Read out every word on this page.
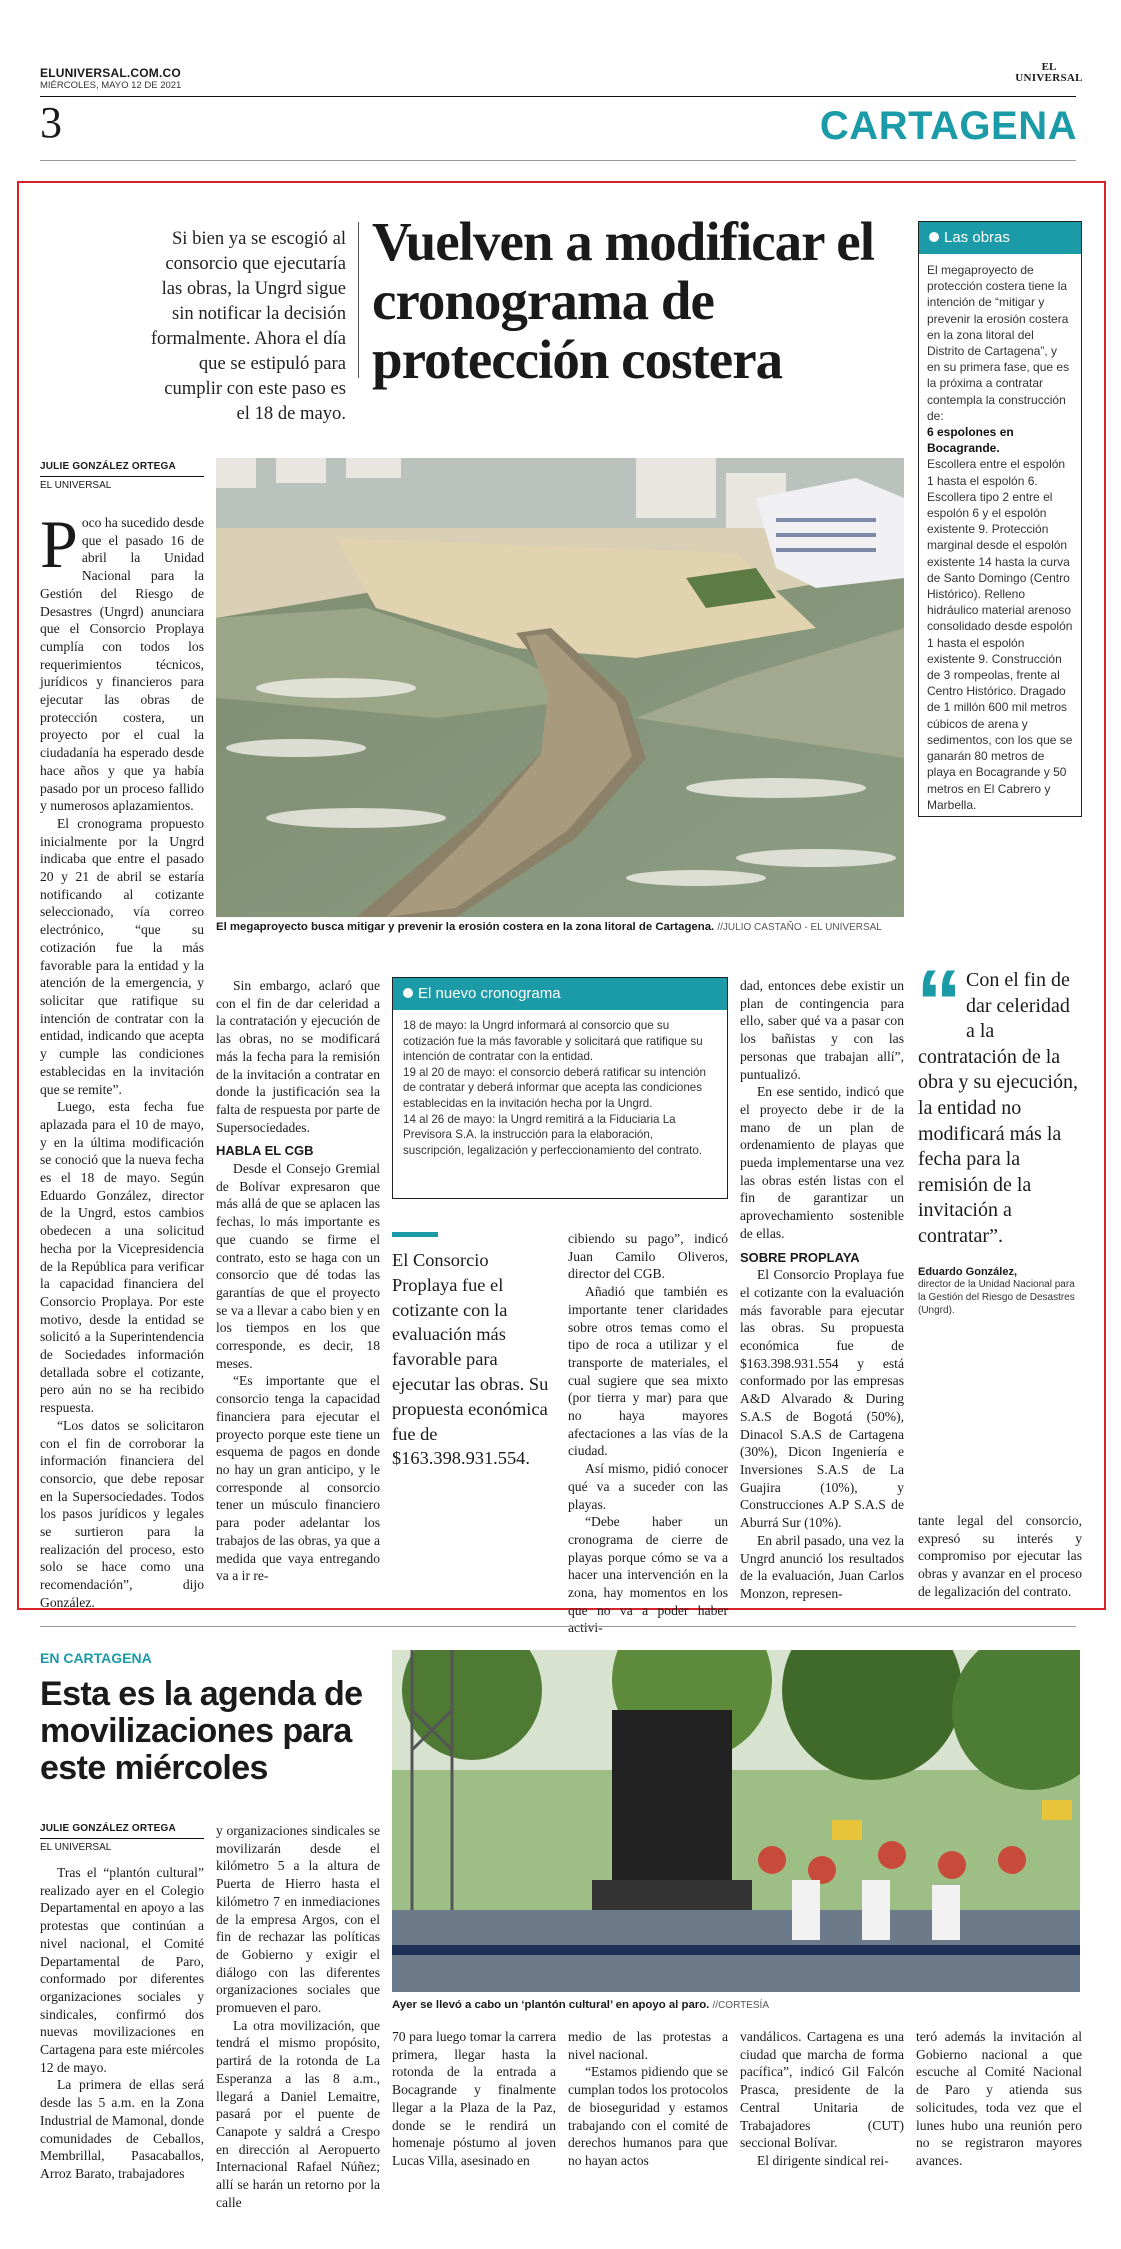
ELUNIVERSAL.COM.CO
MIÉRCOLES, MAYO 12 DE 2021
EL
UNIVERSAL
3	CARTAGENA
Si bien ya se escogió al consorcio que ejecutaría las obras, la Ungrd sigue sin notificar la decisión formalmente. Ahora el día que se estipuló para cumplir con este paso es el 18 de mayo.
Vuelven a modificar el cronograma de protección costera
JULIE GONZÁLEZ ORTEGA
EL UNIVERSAL
El megaproyecto busca mitigar y prevenir la erosión costera en la zona litoral de Cartagena. //JULIO CASTAÑO - EL UNIVERSAL
Las obras
El megaproyecto de protección costera tiene la intención de “mitigar y prevenir la erosión costera en la zona litoral del Distrito de Cartagena”, y en su primera fase, que es la próxima a contratar contempla la construcción de:
6 espolones en Bocagrande.
Escollera entre el espolón 1 hasta el espolón 6. Escollera tipo 2 entre el espolón 6 y el espolón existente 9. Protección marginal desde el espolón existente 14 hasta la curva de Santo Domingo (Centro Histórico). Relleno hidráulico material arenoso consolidado desde espolón 1 hasta el espolón existente 9. Construcción de 3 rompeolas, frente al Centro Histórico. Dragado de 1 millón 600 mil metros cúbicos de arena y sedimentos, con los que se ganarán 80 metros de playa en Bocagrande y 50 metros en El Cabrero y Marbella.

Poco ha sucedido desde que el pasado 16 de abril la Unidad Nacional para la Gestión del Riesgo de Desastres (Ungrd) anunciara que el Consorcio Proplaya cumplía con todos los requerimientos técnicos, jurídicos y financieros para ejecutar las obras de protección costera, un proyecto por el cual la ciudadanía ha esperado desde hace años y que ya había pasado por un proceso fallido y numerosos aplazamientos.

El cronograma propuesto inicialmente por la Ungrd indicaba que entre el pasado 20 y 21 de abril se estaría notificando al cotizante seleccionado, vía correo electrónico, “que su cotización fue la más favorable para la entidad y la atención de la emergencia, y solicitar que ratifique su intención de contratar con la entidad, indicando que acepta y cumple las condiciones establecidas en la invitación que se remite”.

Luego, esta fecha fue aplazada para el 10 de mayo, y en la última modificación se conoció que la nueva fecha es el 18 de mayo. Según Eduardo González, director de la Ungrd, estos cambios obedecen a una solicitud hecha por la Vicepresidencia de la República para verificar la capacidad financiera del Consorcio Proplaya. Por este motivo, desde la entidad se solicitó a la Superintendencia de Sociedades información detallada sobre el cotizante, pero aún no se ha recibido respuesta.

“Los datos se solicitaron con el fin de corroborar la información financiera del consorcio, que debe reposar en la Supersociedades. Todos los pasos jurídicos y legales se surtieron para la realización del proceso, esto solo se hace como una recomendación”, dijo González.

Sin embargo, aclaró que con el fin de dar celeridad a la contratación y ejecución de las obras, no se modificará más la fecha para la remisión de la invitación a contratar en donde la justificación sea la falta de respuesta por parte de Supersociedades.

HABLA EL CGB

Desde el Consejo Gremial de Bolívar expresaron que más allá de que se aplacen las fechas, lo más importante es que cuando se firme el contrato, esto se haga con un consorcio que dé todas las garantías de que el proyecto se va a llevar a cabo bien y en los tiempos en los que corresponde, es decir, 18 meses.

“Es importante que el consorcio tenga la capacidad financiera para ejecutar el proyecto porque este tiene un esquema de pagos en donde no hay un gran anticipo, y le corresponde al consorcio tener un músculo financiero para poder adelantar los trabajos de las obras, ya que a medida que vaya entregando va a ir re-

El nuevo cronograma
18 de mayo: la Ungrd informará al consorcio que su cotización fue la más favorable y solicitará que ratifique su intención de contratar con la entidad.
19 al 20 de mayo: el consorcio deberá ratificar su intención de contratar y deberá informar que acepta las condiciones establecidas en la invitación hecha por la Ungrd.
14 al 26 de mayo: la Ungrd remitirá a la Fiduciaria La Previsora S.A. la instrucción para la elaboración, suscripción, legalización y perfeccionamiento del contrato.
El Consorcio Proplaya fue el cotizante con la evaluación más favorable para ejecutar las obras. Su propuesta económica fue de $163.398.931.554.

cibiendo su pago”, indicó Juan Camilo Oliveros, director del CGB.

Añadió que también es importante tener claridades sobre otros temas como el tipo de roca a utilizar y el transporte de materiales, el cual sugiere que sea mixto (por tierra y mar) para que no haya mayores afectaciones a las vías de la ciudad.

Así mismo, pidió conocer qué va a suceder con las playas.

“Debe haber un cronograma de cierre de playas porque cómo se va a hacer una intervención en la zona, hay momentos en los que no va a poder haber activi-

dad, entonces debe existir un plan de contingencia para ello, saber qué va a pasar con los bañistas y con las personas que trabajan allí”, puntualizó.

En ese sentido, indicó que el proyecto debe ir de la mano de un plan de ordenamiento de playas que pueda implementarse una vez las obras estén listas con el fin de garantizar un aprovechamiento sostenible de ellas.

SOBRE PROPLAYA

El Consorcio Proplaya fue el cotizante con la evaluación más favorable para ejecutar las obras. Su propuesta económica fue de $163.398.931.554 y está conformado por las empresas A&D Alvarado & During S.A.S de Bogotá (50%), Dinacol S.A.S de Cartagena (30%), Dicon Ingeniería e Inversiones S.A.S de La Guajira (10%), y Construcciones A.P S.A.S de Aburrá Sur (10%).

En abril pasado, una vez la Ungrd anunció los resultados de la evaluación, Juan Carlos Monzon, represen-

tante legal del consorcio, expresó su interés y compromiso por ejecutar las obras y avanzar en el proceso de legalización del contrato.

“ Con el fin de dar celeridad a la contratación de la obra y su ejecución, la entidad no modificará más la fecha para la remisión de la invitación a contratar”.
Eduardo González,
director de la Unidad Nacional para la Gestión del Riesgo de Desastres (Ungrd).
EN CARTAGENA
Esta es la agenda de movilizaciones para este miércoles
JULIE GONZÁLEZ ORTEGA
EL UNIVERSAL
Ayer se llevó a cabo un ‘plantón cultural’ en apoyo al paro. //CORTESÍA

Tras el “plantón cultural” realizado ayer en el Colegio Departamental en apoyo a las protestas que continúan a nivel nacional, el Comité Departamental de Paro, conformado por diferentes organizaciones sociales y sindicales, confirmó dos nuevas movilizaciones en Cartagena para este miércoles 12 de mayo.

La primera de ellas será desde las 5 a.m. en la Zona Industrial de Mamonal, donde comunidades de Ceballos, Membrillal, Pasacaballos, Arroz Barato, trabajadores

y organizaciones sindicales se movilizarán desde el kilómetro 5 a la altura de Puerta de Hierro hasta el kilómetro 7 en inmediaciones de la empresa Argos, con el fin de rechazar las políticas de Gobierno y exigir el diálogo con las diferentes organizaciones sociales que promueven el paro.

La otra movilización, que tendrá el mismo propósito, partirá de la rotonda de La Esperanza a las 8 a.m., llegará a Daniel Lemaitre, pasará por el puente de Canapote y saldrá a Crespo en dirección al Aeropuerto Internacional Rafael Núñez; allí se harán un retorno por la calle

70 para luego tomar la carrera primera, llegar hasta la rotonda de la entrada a Bocagrande y finalmente llegar a la Plaza de la Paz, donde se le rendirá un homenaje póstumo al joven Lucas Villa, asesinado en

medio de las protestas a nivel nacional.

“Estamos pidiendo que se cumplan todos los protocolos de bioseguridad y estamos trabajando con el comité de derechos humanos para que no hayan actos

vandálicos. Cartagena es una ciudad que marcha de forma pacífica”, indicó Gil Falcón Prasca, presidente de la Central Unitaria de Trabajadores (CUT) seccional Bolívar.

El dirigente sindical rei-

teró además la invitación al Gobierno nacional a que escuche al Comité Nacional de Paro y atienda sus solicitudes, toda vez que el lunes hubo una reunión pero no se registraron mayores avances.
